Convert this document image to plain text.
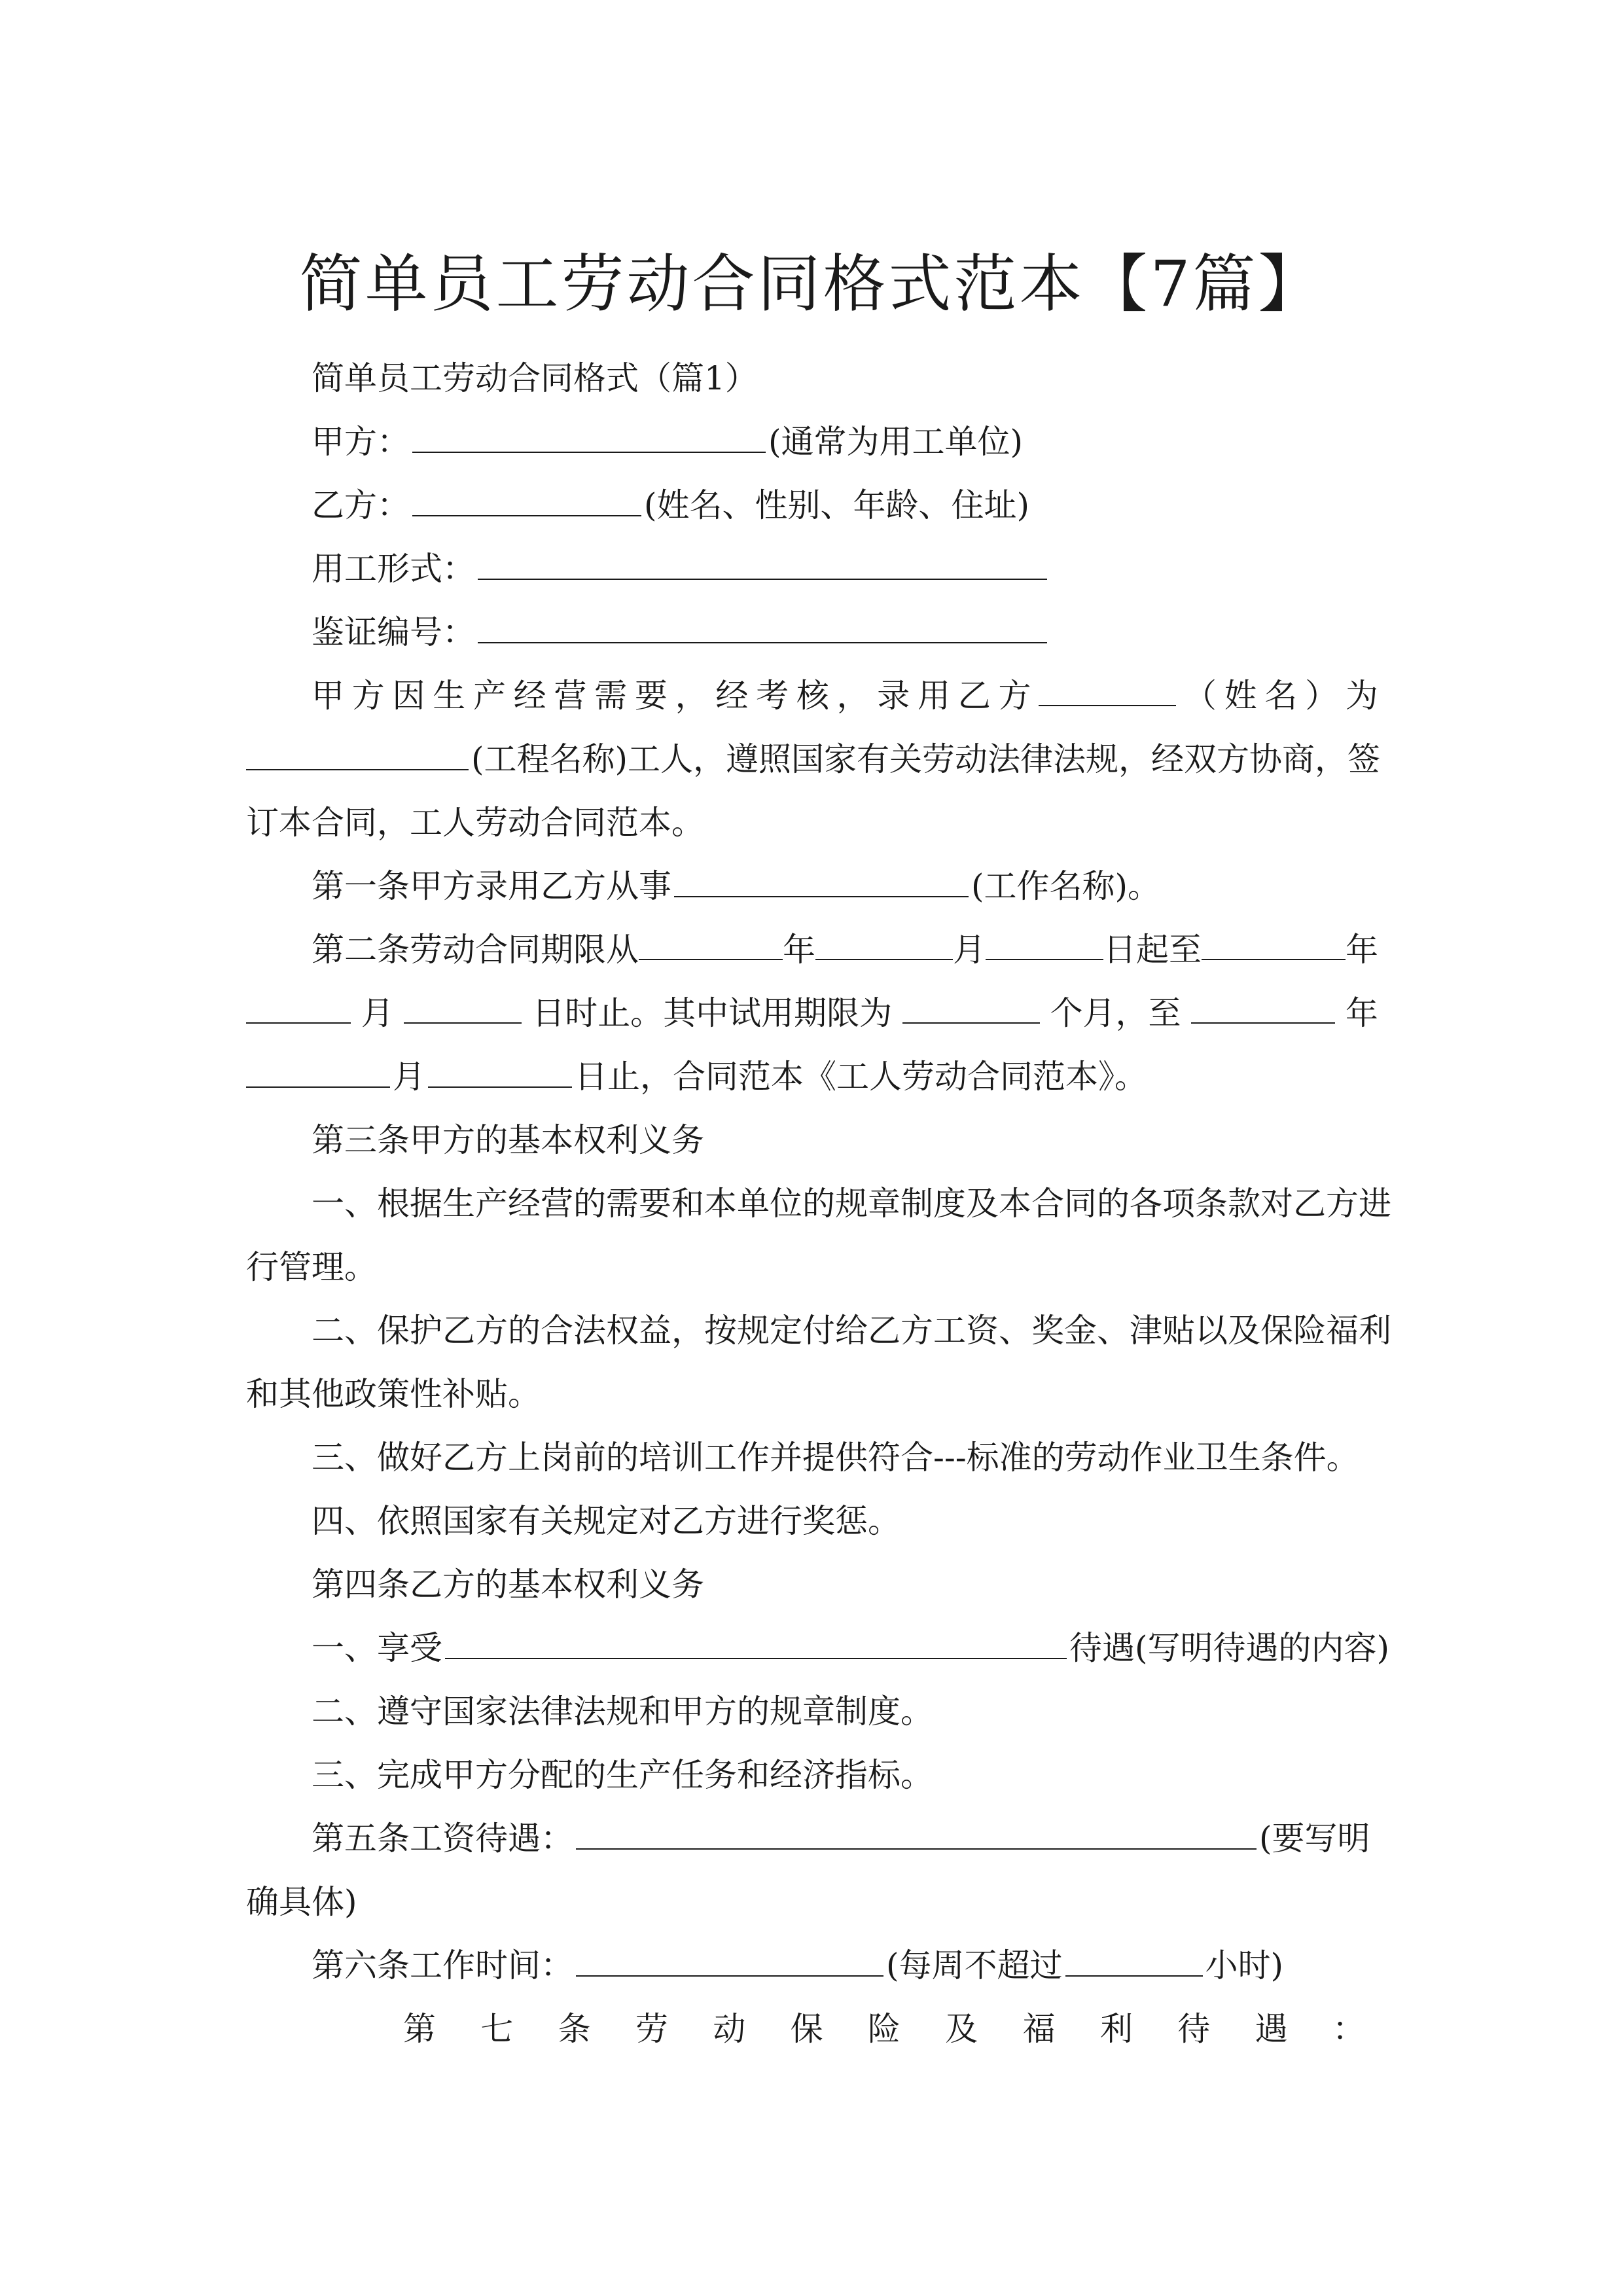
简单员工劳动合同格式范本【7篇】
简单员工劳动合同格式（篇1）
甲方：	(通常为用工单位)
乙方：	(姓名、性别、年龄、住址)
用工形式：
鉴证编号：
甲 方 因 生 产 经 营 需 要 ， 经 考 核 ， 录 用 乙 方	（ 姓 名 ） 为
(工程名称)工人，遵照国家有关劳动法律法规，经双方协商，签
订本合同，工人劳动合同范本。
第一条甲方录用乙方从事	(工作名称)。
第二条劳动合同期限从	年	月	日起至	年
月	日时止。其中试用期限为	个月，至	年
月	日止，合同范本《工人劳动合同范本》。
第三条甲方的基本权利义务
一、根据生产经营的需要和本单位的规章制度及本合同的各项条款对乙方进
行管理。
二、保护乙方的合法权益，按规定付给乙方工资、奖金、津贴以及保险福利
和其他政策性补贴。
三、做好乙方上岗前的培训工作并提供符合---标准的劳动作业卫生条件。
四、依照国家有关规定对乙方进行奖惩。
第四条乙方的基本权利义务
一、享受	待遇(写明待遇的内容)
二、遵守国家法律法规和甲方的规章制度。
三、完成甲方分配的生产任务和经济指标。
第五条工资待遇：	(要写明
确具体)
第六条工作时间：	(每周不超过	小时)
第 七 条 劳 动 保 险 及 福 利 待 遇 ：
